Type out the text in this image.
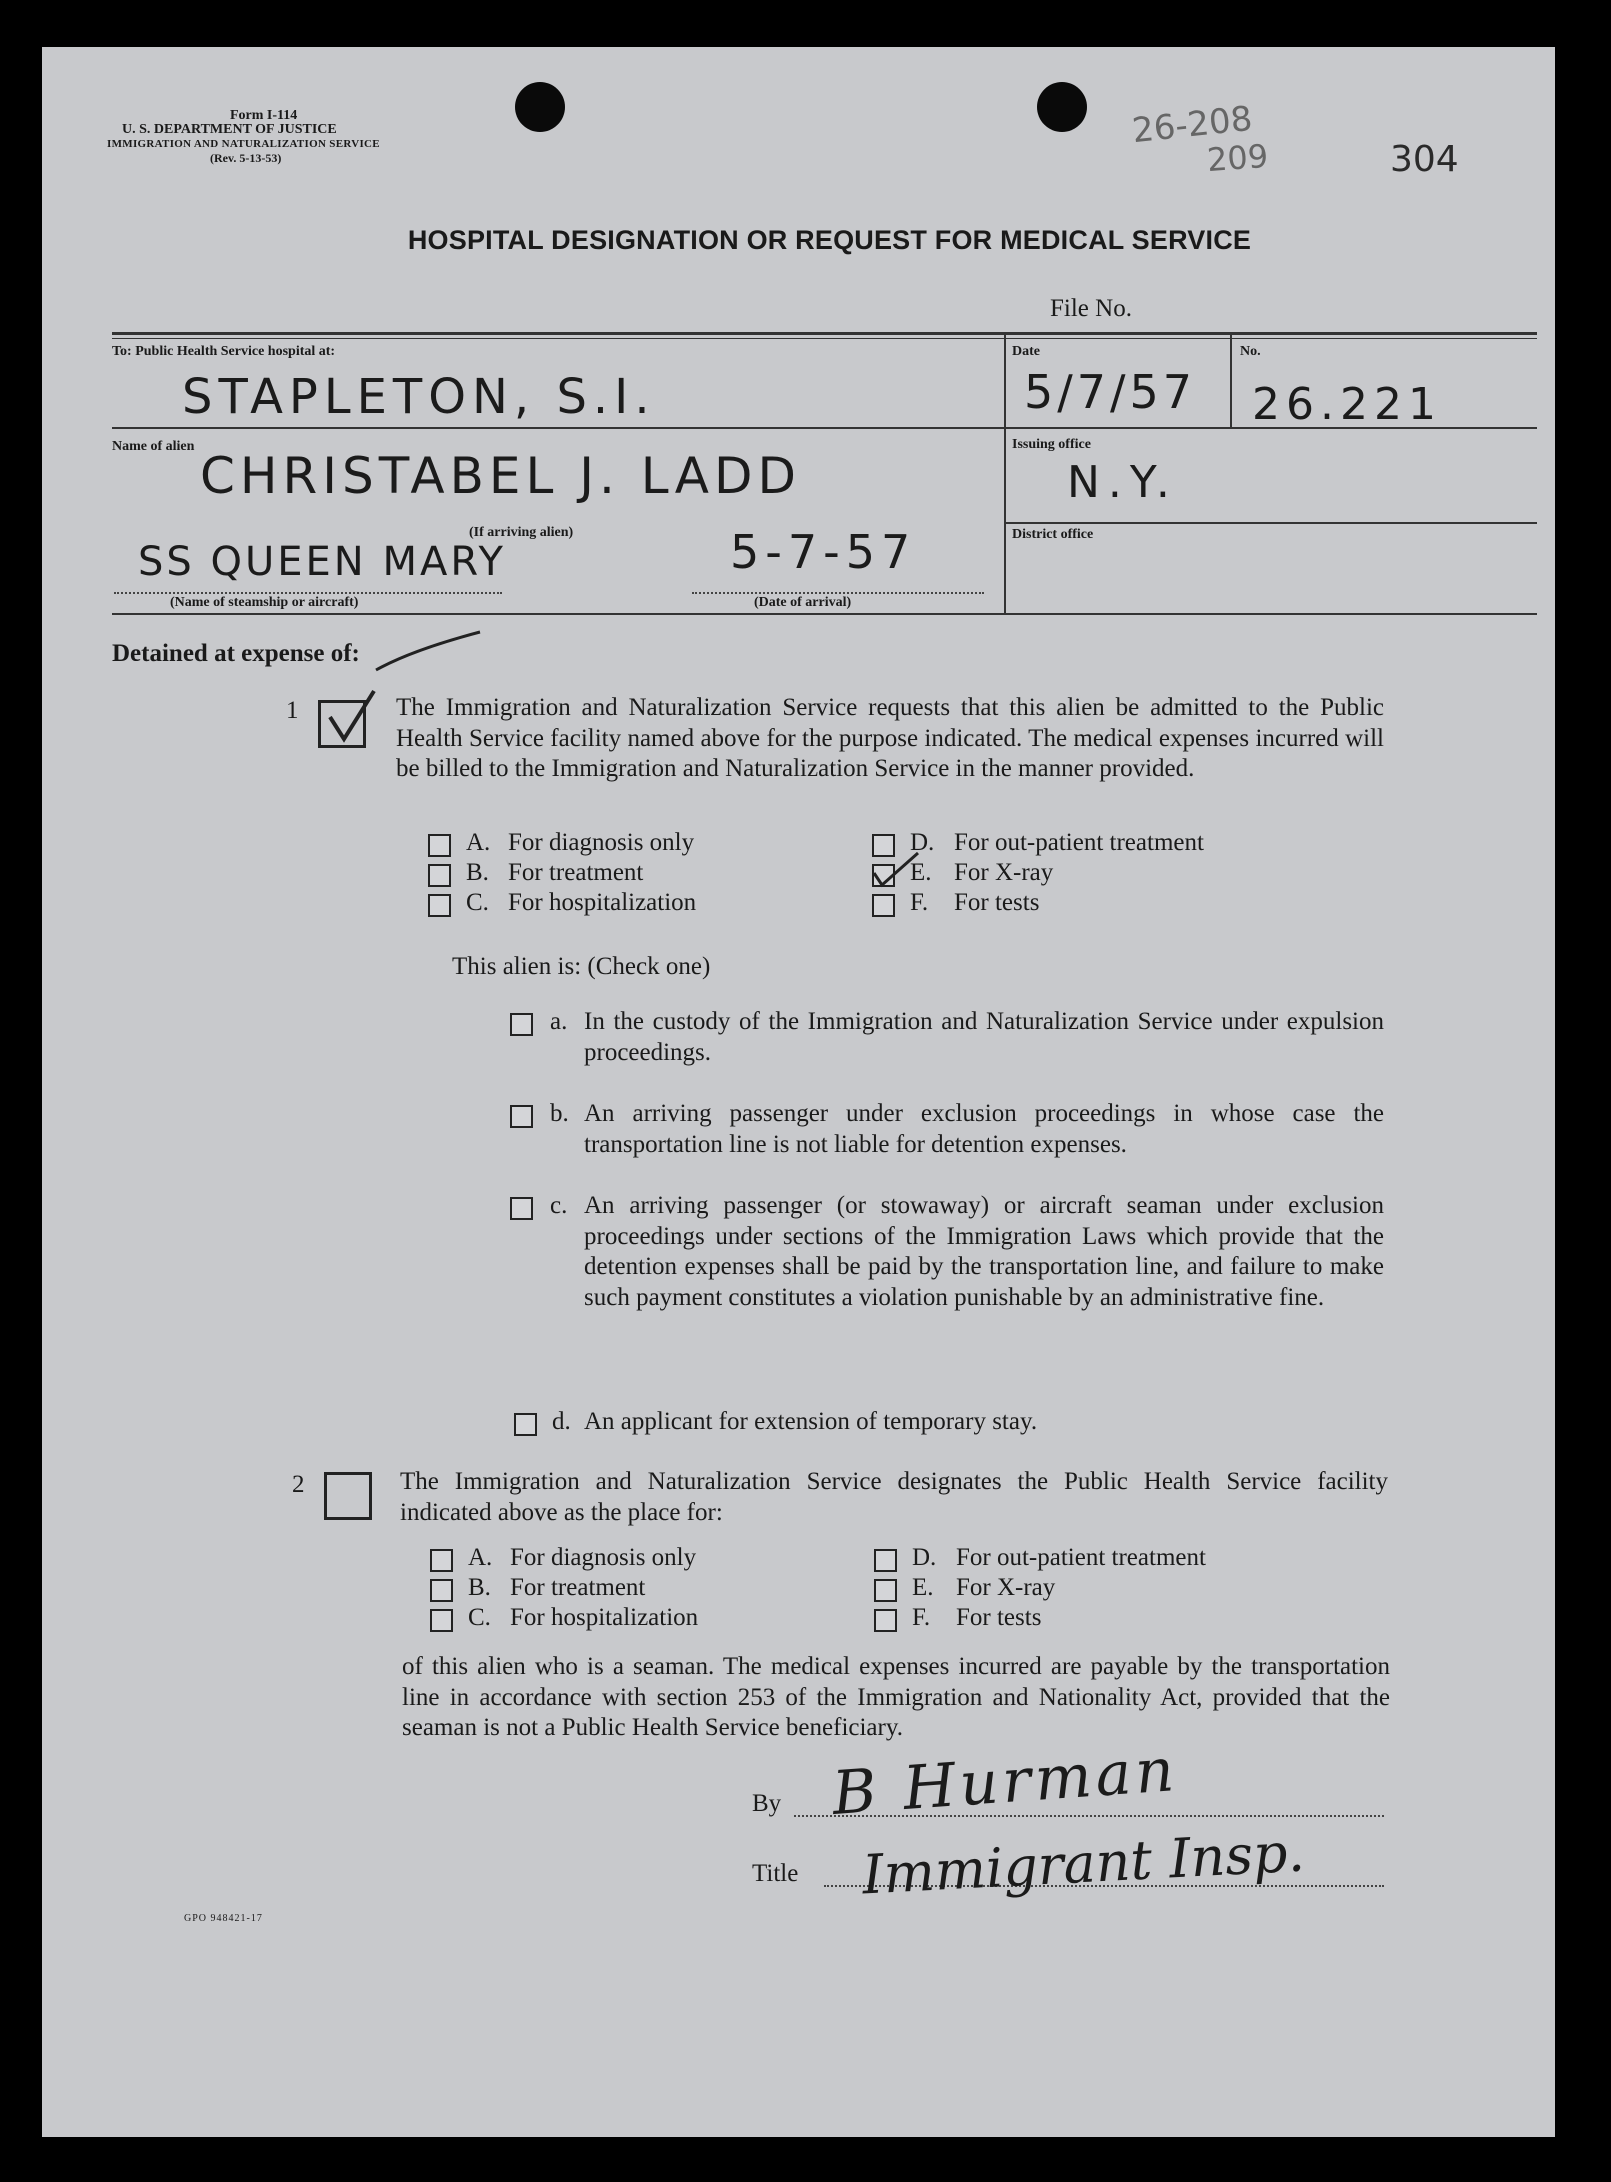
Form I-114
U. S. DEPARTMENT OF JUSTICE
IMMIGRATION AND NATURALIZATION SERVICE
(Rev. 5-13-53)
26-208
209	304
HOSPITAL DESIGNATION OR REQUEST FOR MEDICAL SERVICE
File No.
To: Public Health Service hospital at:
STAPLETON, S.I.
Date
5/7/57
No.
26.221
Name of alien
CHRISTABEL J. LADD
Issuing office
N.Y.
(If arriving alien)
SS QUEEN MARY	5-7-57
(Name of steamship or aircraft)	(Date of arrival)
District office
Detained at expense of:
1	The Immigration and Naturalization Service requests that this alien be admitted to the Public Health Service facility named above for the purpose indicated. The medical expenses incurred will be billed to the Immigration and Naturalization Service in the manner provided.
A. For diagnosis only
B. For treatment
C. For hospitalization
D. For out-patient treatment
E. For X-ray
F. For tests
This alien is: (Check one)
a. In the custody of the Immigration and Naturalization Service under expulsion proceedings.
b. An arriving passenger under exclusion proceedings in whose case the transportation line is not liable for detention expenses.
c. An arriving passenger (or stowaway) or aircraft seaman under exclusion proceedings under sections of the Immigration Laws which provide that the detention expenses shall be paid by the transportation line, and failure to make such payment constitutes a violation punishable by an administrative fine.
d. An applicant for extension of temporary stay.
2	The Immigration and Naturalization Service designates the Public Health Service facility indicated above as the place for:
A. For diagnosis only
B. For treatment
C. For hospitalization
D. For out-patient treatment
E. For X-ray
F. For tests
of this alien who is a seaman. The medical expenses incurred are payable by the transportation line in accordance with section 253 of the Immigration and Nationality Act, provided that the seaman is not a Public Health Service beneficiary.
By B Hurman
Title Immigrant Insp.
GPO 948421-17
